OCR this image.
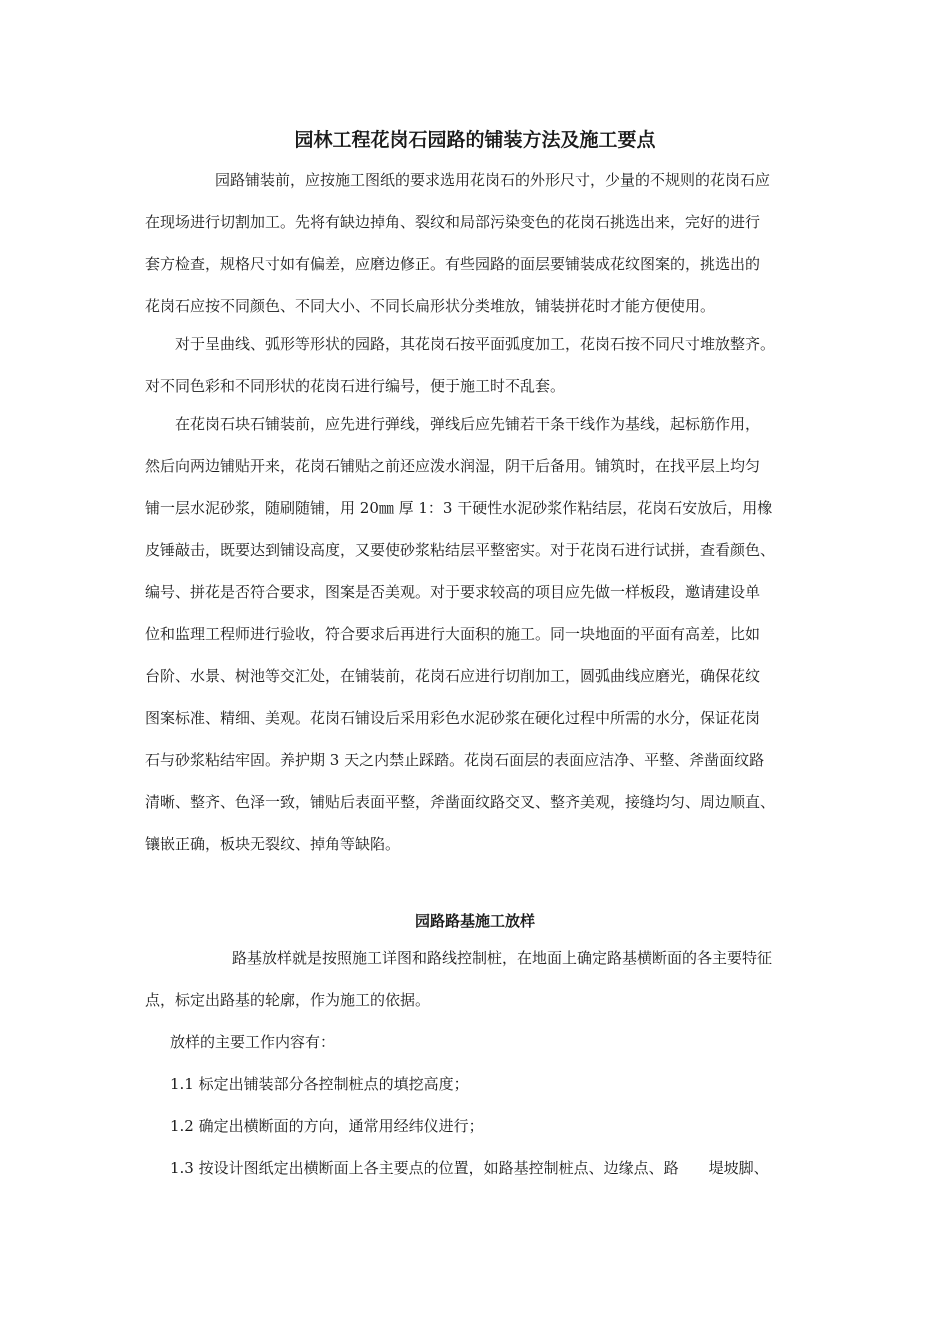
园林工程花岗石园路的铺装方法及施工要点
园路铺装前，应按施工图纸的要求选用花岗石的外形尺寸，少量的不规则的花岗石应
在现场进行切割加工。先将有缺边掉角、裂纹和局部污染变色的花岗石挑选出来，完好的进行
套方检查，规格尺寸如有偏差，应磨边修正。有些园路的面层要铺装成花纹图案的，挑选出的
花岗石应按不同颜色、不同大小、不同长扁形状分类堆放，铺装拼花时才能方便使用。
对于呈曲线、弧形等形状的园路，其花岗石按平面弧度加工，花岗石按不同尺寸堆放整齐。
对不同色彩和不同形状的花岗石进行编号，便于施工时不乱套。
在花岗石块石铺装前，应先进行弹线，弹线后应先铺若干条干线作为基线，起标筋作用，
然后向两边铺贴开来，花岗石铺贴之前还应泼水润湿，阴干后备用。铺筑时，在找平层上均匀
铺一层水泥砂浆，随刷随铺，用 20㎜ 厚 1：3 干硬性水泥砂浆作粘结层，花岗石安放后，用橡
皮锤敲击，既要达到铺设高度，又要使砂浆粘结层平整密实。对于花岗石进行试拼，查看颜色、
编号、拼花是否符合要求，图案是否美观。对于要求较高的项目应先做一样板段，邀请建设单
位和监理工程师进行验收，符合要求后再进行大面积的施工。同一块地面的平面有高差，比如
台阶、水景、树池等交汇处，在铺装前，花岗石应进行切削加工，圆弧曲线应磨光，确保花纹
图案标准、精细、美观。花岗石铺设后采用彩色水泥砂浆在硬化过程中所需的水分，保证花岗
石与砂浆粘结牢固。养护期 3 天之内禁止踩踏。花岗石面层的表面应洁净、平整、斧凿面纹路
清晰、整齐、色泽一致，铺贴后表面平整，斧凿面纹路交叉、整齐美观，接缝均匀、周边顺直、
镶嵌正确，板块无裂纹、掉角等缺陷。
园路路基施工放样
路基放样就是按照施工详图和路线控制桩，在地面上确定路基横断面的各主要特征
点，标定出路基的轮廓，作为施工的依据。
放样的主要工作内容有：
1.1 标定出铺装部分各控制桩点的填挖高度；
1.2 确定出横断面的方向，通常用经纬仪进行；
1.3 按设计图纸定出横断面上各主要点的位置，如路基控制桩点、边缘点、路　　堤坡脚、
